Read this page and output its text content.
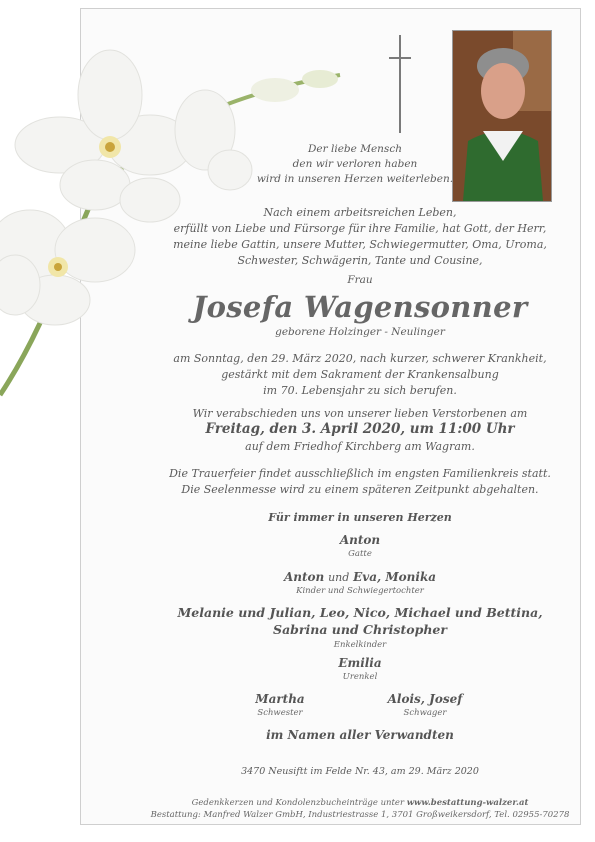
Der liebe Mensch
den wir verloren haben
wird in unseren Herzen weiterleben.
Nach einem arbeitsreichen Leben,
erfüllt von Liebe und Fürsorge für ihre Familie, hat Gott, der Herr,
meine liebe Gattin, unsere Mutter, Schwiegermutter, Oma, Uroma,
Schwester, Schwägerin, Tante und Cousine,
Frau
Josefa Wagensonner
geborene Holzinger - Neulinger
am Sonntag, den 29. März 2020, nach kurzer, schwerer Krankheit,
gestärkt mit dem Sakrament der Krankensalbung
im 70. Lebensjahr zu sich berufen.
Wir verabschieden uns von unserer lieben Verstorbenen am
Freitag, den 3. April 2020, um 11:00 Uhr
auf dem Friedhof Kirchberg am Wagram.
Die Trauerfeier findet ausschließlich im engsten Familienkreis statt.
Die Seelenmesse wird zu einem späteren Zeitpunkt abgehalten.
Für immer in unseren Herzen
Anton
Gatte
Anton und Eva, Monika
Kinder und Schwiegertochter
Melanie und Julian, Leo, Nico, Michael und Bettina,
Sabrina und Christopher
Enkelkinder
Emilia
Urenkel
Martha
Schwester
Alois, Josef
Schwager
im Namen aller Verwandten
3470 Neusiftt im Felde Nr. 43, am 29. März 2020
Gedenkkerzen und Kondolenzbucheinträge unter www.bestattung-walzer.at
Bestattung: Manfred Walzer GmbH, Industriestrasse 1, 3701 Großweikersdorf, Tel. 02955-70278
